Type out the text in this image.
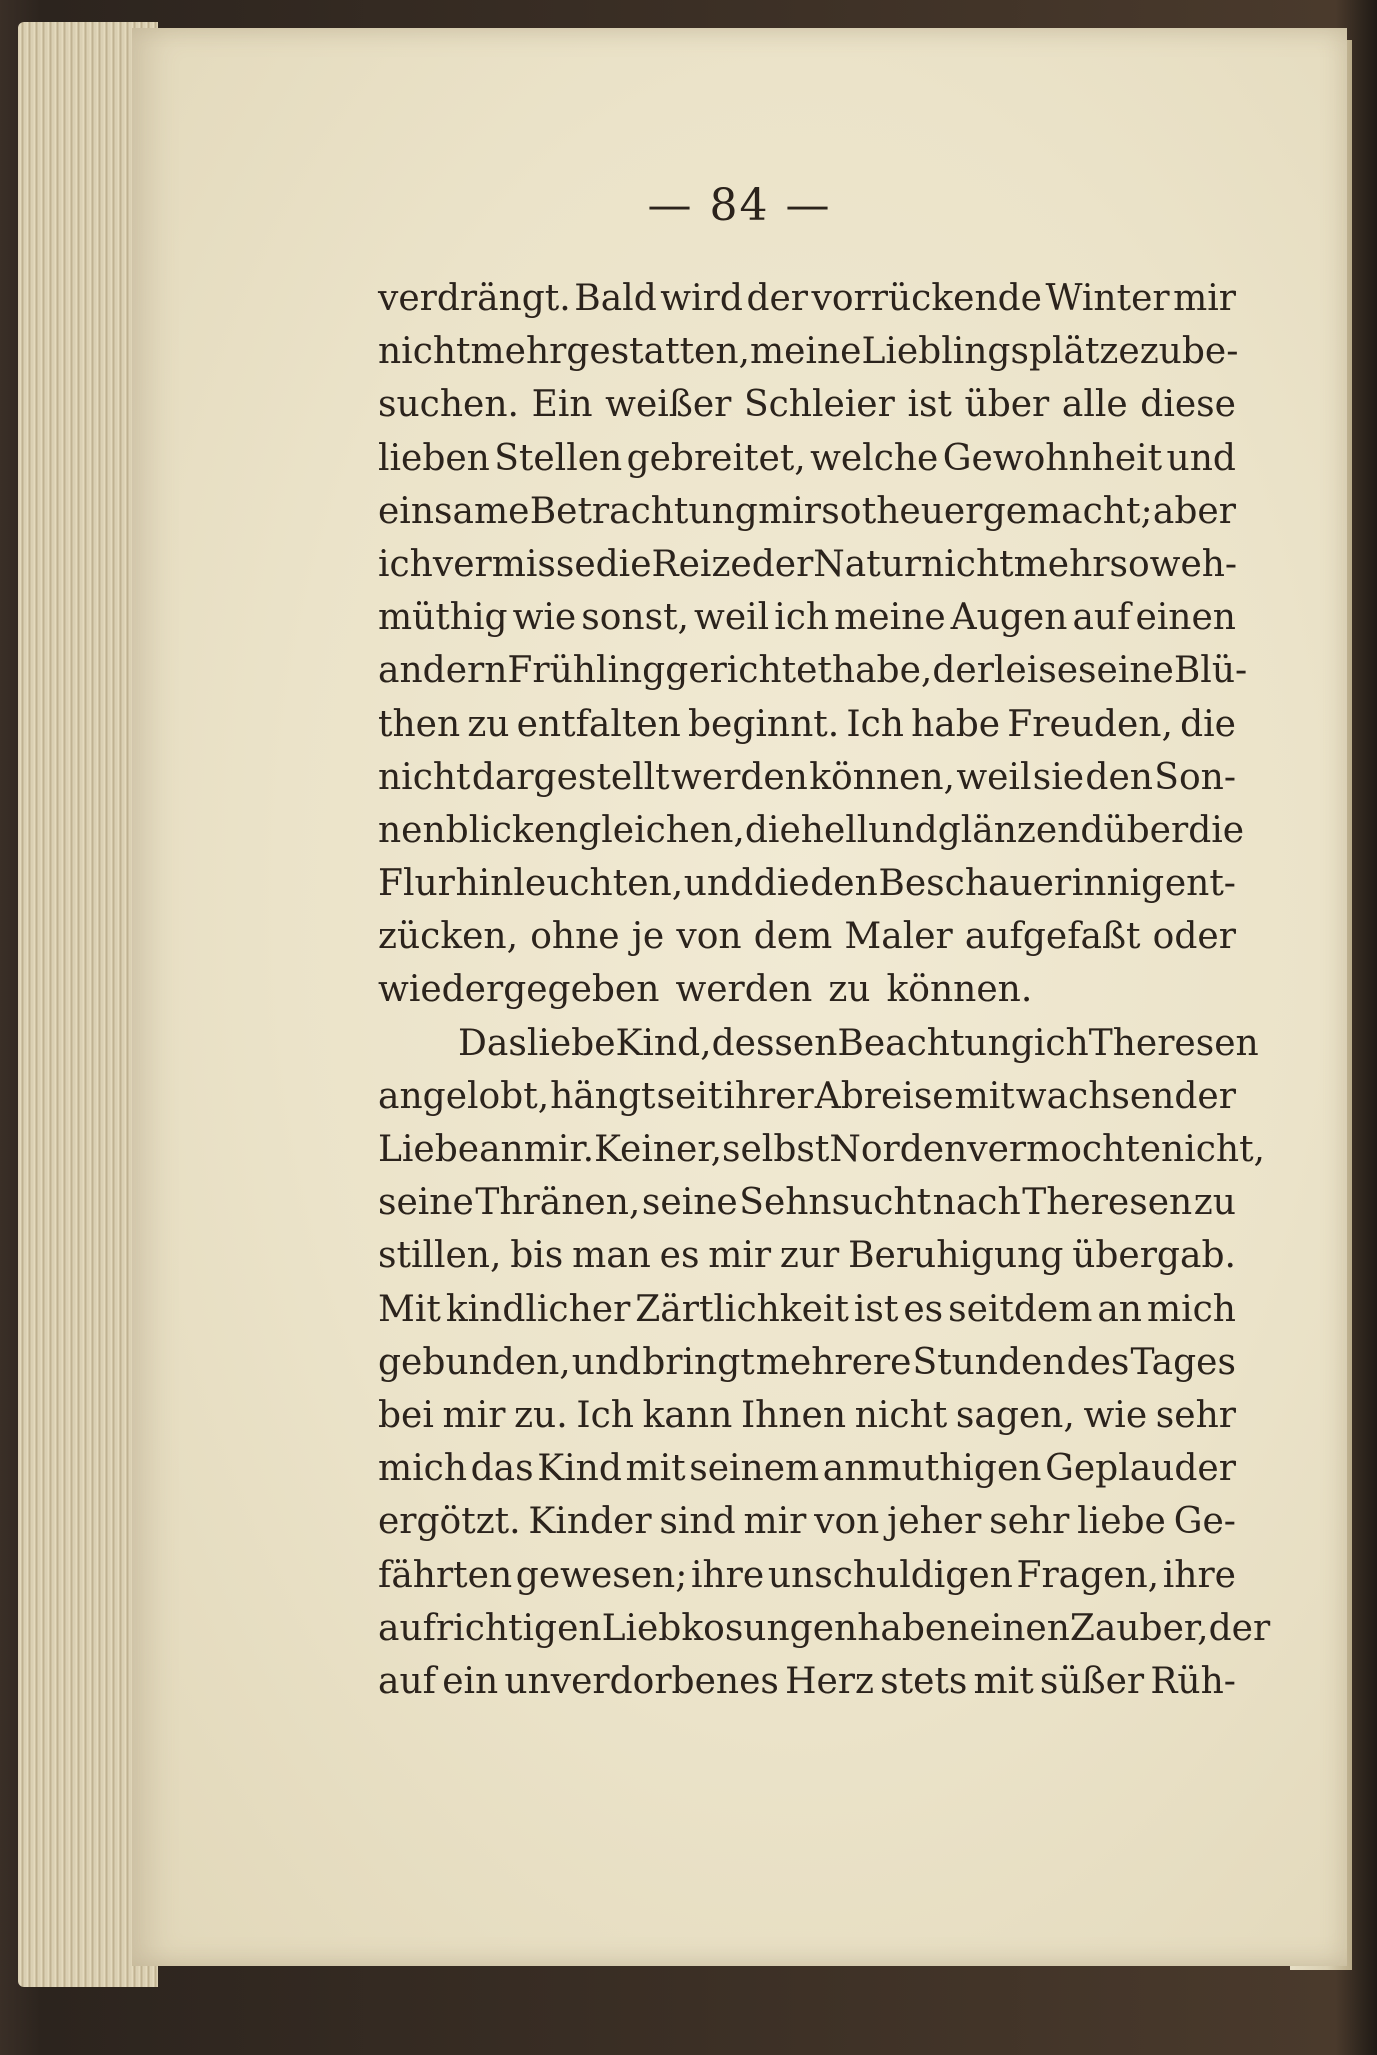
— 84 —
verdrängt. Bald wird der vorrückende Winter mir
nicht mehr gestatten, meine Lieblingsplätze zu be-
suchen. Ein weißer Schleier ist über alle diese
lieben Stellen gebreitet, welche Gewohnheit und
einsame Betrachtung mir so theuer gemacht; aber
ich vermisse die Reize der Natur nicht mehr so weh-
müthig wie sonst, weil ich meine Augen auf einen
andern Frühling gerichtet habe, der leise seine Blü-
then zu entfalten beginnt. Ich habe Freuden, die
nicht dargestellt werden können, weil sie den Son-
nenblicken gleichen, die hell und glänzend über die
Flur hinleuchten, und die den Beschauer innig ent-
zücken, ohne je von dem Maler aufgefaßt oder
wiedergegeben werden zu können.
Das liebe Kind, dessen Beachtung ich Theresen
angelobt, hängt seit ihrer Abreise mit wachsender
Liebe an mir. Keiner, selbst Norden vermochte nicht,
seine Thränen, seine Sehnsucht nach Theresen zu
stillen, bis man es mir zur Beruhigung übergab.
Mit kindlicher Zärtlichkeit ist es seitdem an mich
gebunden, und bringt mehrere Stunden des Tages
bei mir zu. Ich kann Ihnen nicht sagen, wie sehr
mich das Kind mit seinem anmuthigen Geplauder
ergötzt. Kinder sind mir von jeher sehr liebe Ge-
fährten gewesen; ihre unschuldigen Fragen, ihre
aufrichtigen Liebkosungen haben einen Zauber, der
auf ein unverdorbenes Herz stets mit süßer Rüh-
